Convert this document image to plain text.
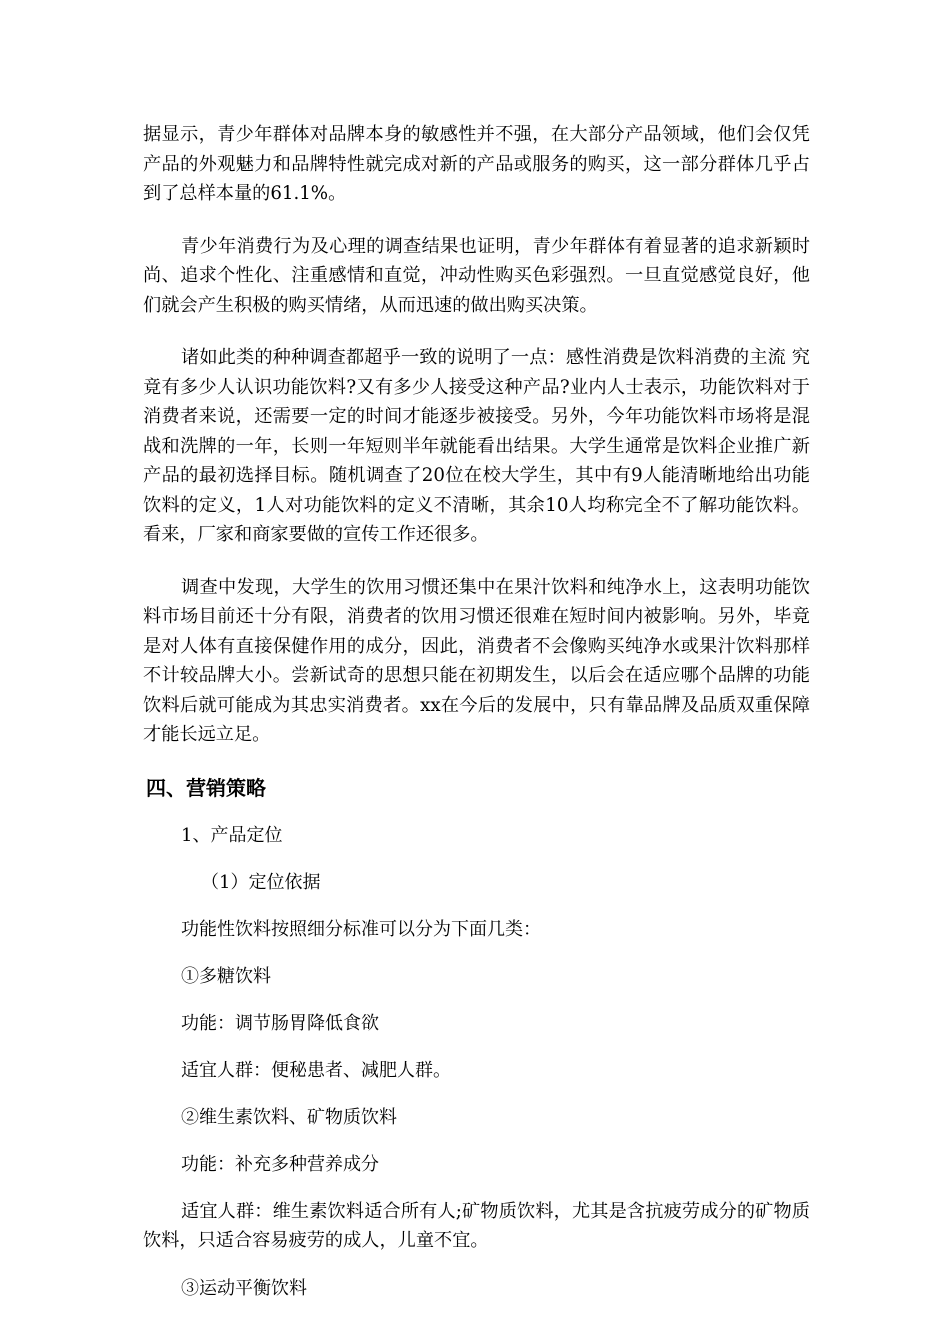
据显示，青少年群体对品牌本身的敏感性并不强，在大部分产品领域，他们会仅凭产品的外观魅力和品牌特性就完成对新的产品或服务的购买，这一部分群体几乎占到了总样本量的61.1%。

青少年消费行为及心理的调查结果也证明，青少年群体有着显著的追求新颖时尚、追求个性化、注重感情和直觉，冲动性购买色彩强烈。一旦直觉感觉良好，他们就会产生积极的购买情绪，从而迅速的做出购买决策。

诸如此类的种种调查都超乎一致的说明了一点：感性消费是饮料消费的主流 究竟有多少人认识功能饮料?又有多少人接受这种产品?业内人士表示，功能饮料对于消费者来说，还需要一定的时间才能逐步被接受。另外，今年功能饮料市场将是混战和洗牌的一年，长则一年短则半年就能看出结果。大学生通常是饮料企业推广新产品的最初选择目标。随机调查了20位在校大学生，其中有9人能清晰地给出功能饮料的定义，1人对功能饮料的定义不清晰，其余10人均称完全不了解功能饮料。看来，厂家和商家要做的宣传工作还很多。

调查中发现，大学生的饮用习惯还集中在果汁饮料和纯净水上，这表明功能饮料市场目前还十分有限，消费者的饮用习惯还很难在短时间内被影响。另外，毕竟是对人体有直接保健作用的成分，因此，消费者不会像购买纯净水或果汁饮料那样不计较品牌大小。尝新试奇的思想只能在初期发生，以后会在适应哪个品牌的功能饮料后就可能成为其忠实消费者。xx在今后的发展中，只有靠品牌及品质双重保障才能长远立足。

四、营销策略
1、产品定位
（1）定位依据
功能性饮料按照细分标准可以分为下面几类：
①多糖饮料
功能：调节肠胃降低食欲
适宜人群：便秘患者、减肥人群。
②维生素饮料、矿物质饮料
功能：补充多种营养成分

适宜人群：维生素饮料适合所有人;矿物质饮料，尤其是含抗疲劳成分的矿物质饮料，只适合容易疲劳的成人，儿童不宜。

③运动平衡饮料
